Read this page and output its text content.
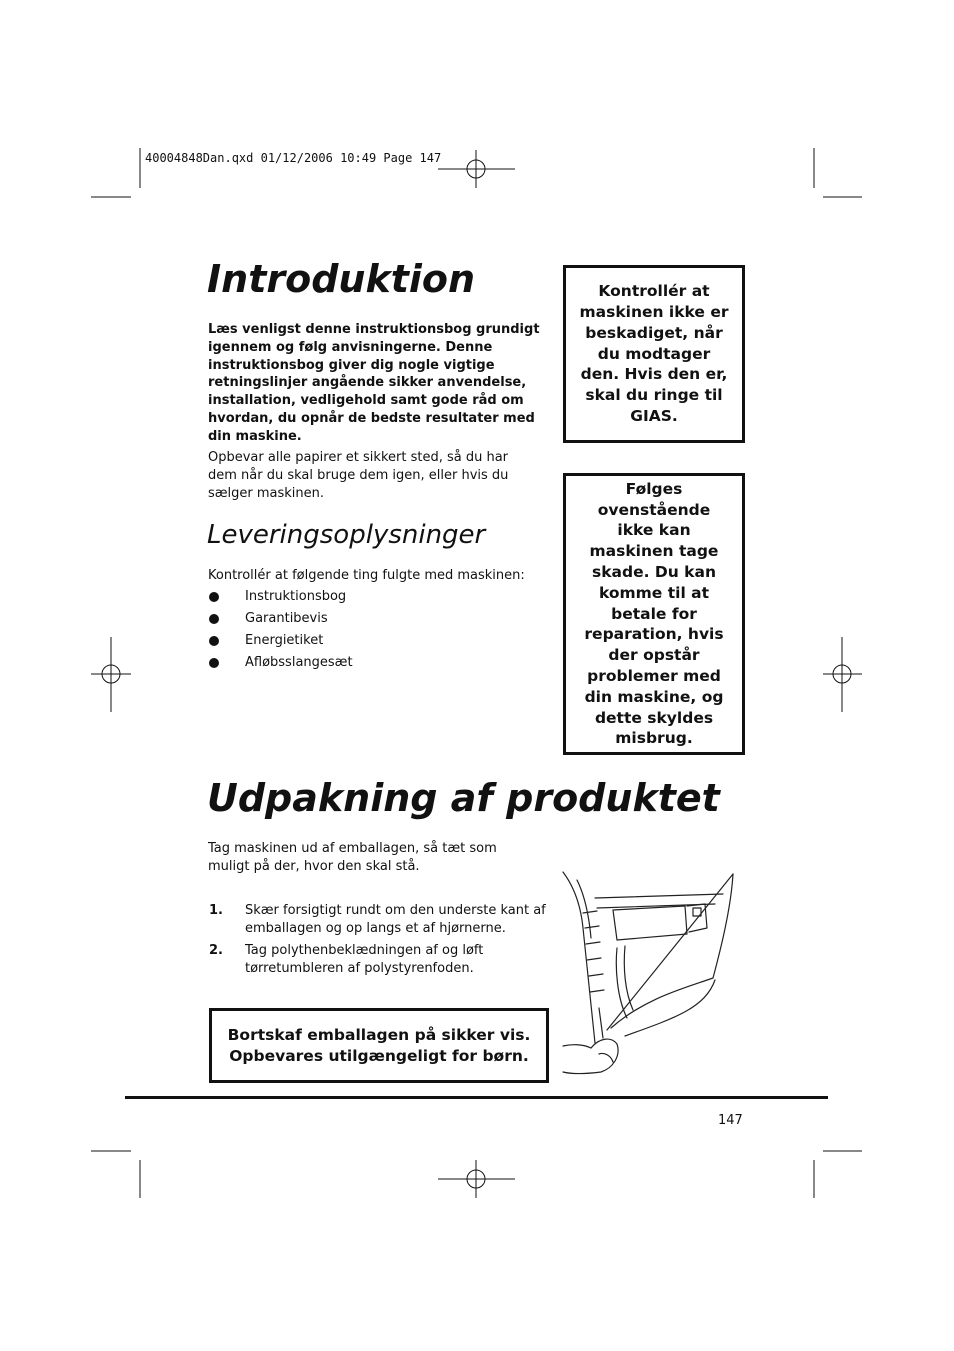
40004848Dan.qxd 01/12/2006 10:49 Page 147
Introduktion
Læs venligst denne instruktionsbog grundigt igennem og følg anvisningerne. Denne instruktionsbog giver dig nogle vigtige retningslinjer angående sikker anvendelse, installation, vedligehold samt gode råd om hvordan, du opnår de bedste resultater med din maskine.
Opbevar alle papirer et sikkert sted, så du har dem når du skal bruge dem igen, eller hvis du sælger maskinen.
Leveringsoplysninger
Kontrollér at følgende ting fulgte med maskinen:
Instruktionsbog
Garantibevis
Energietiket
Afløbsslangesæt

Kontrollér at maskinen ikke er beskadiget, når du modtager den. Hvis den er, skal du ringe til GIAS.

Følges ovenstående ikke kan maskinen tage skade. Du kan komme til at betale for reparation, hvis der opstår problemer med din maskine, og dette skyldes misbrug.

Udpakning af produktet
Tag maskinen ud af emballagen, så tæt som muligt på der, hvor den skal stå.
1. Skær forsigtigt rundt om den underste kant af emballagen og op langs et af hjørnerne.
2. Tag polythenbeklædningen af og løft tørretumbleren af polystyrenfoden.

Bortskaf emballagen på sikker vis.
Opbevares utilgængeligt for børn.

147
